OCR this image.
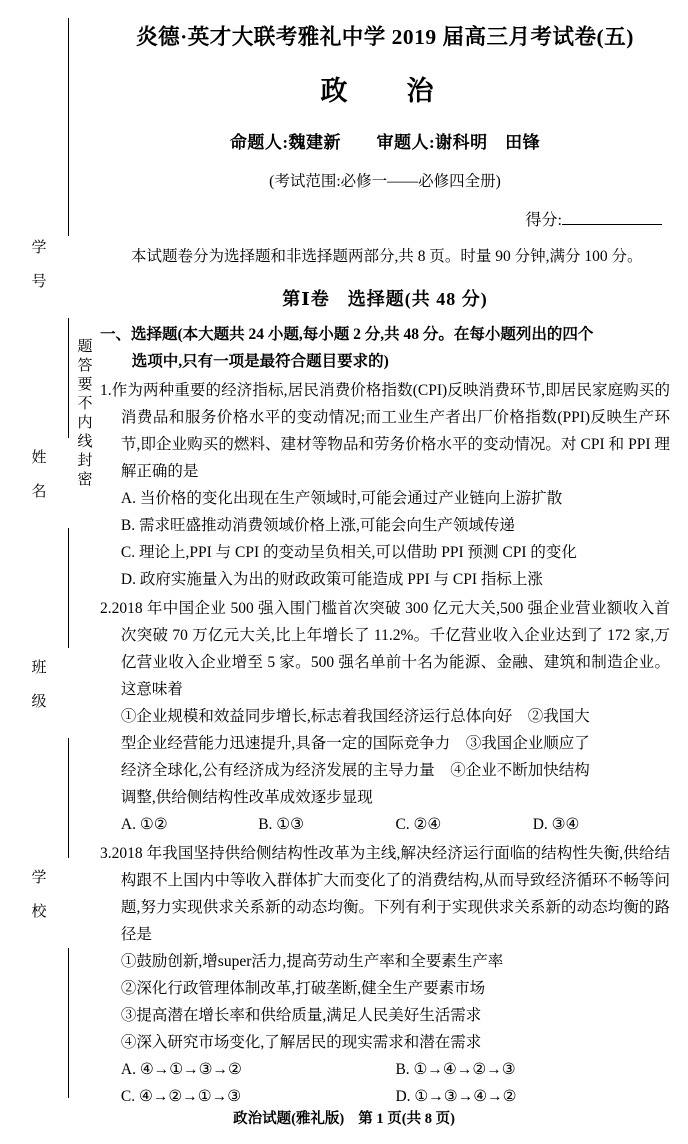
学

号
姓

名
班

级
学

校
题
答
要
不
内
线
封
密
炎德·英才大联考雅礼中学 2019 届高三月考试卷(五)
政　治
命题人:魏建新 审题人:谢科明　田锋
(考试范围:必修一——必修四全册)
得分:
本试题卷分为选择题和非选择题两部分,共 8 页。时量 90 分钟,满分 100 分。
第Ⅰ卷 选择题(共 48 分)
一、选择题(本大题共 24 小题,每小题 2 分,共 48 分。在每小题列出的四个
选项中,只有一项是最符合题目要求的)
1.作为两种重要的经济指标,居民消费价格指数(CPI)反映消费环节,即居民家庭购买的消费品和服务价格水平的变动情况;而工业生产者出厂价格指数(PPI)反映生产环节,即企业购买的燃料、建材等物品和劳务价格水平的变动情况。对 CPI 和 PPI 理解正确的是
A. 当价格的变化出现在生产领域时,可能会通过产业链向上游扩散
B. 需求旺盛推动消费领域价格上涨,可能会向生产领域传递
C. 理论上,PPI 与 CPI 的变动呈负相关,可以借助 PPI 预测 CPI 的变化
D. 政府实施量入为出的财政政策可能造成 PPI 与 CPI 指标上涨
2.2018 年中国企业 500 强入围门槛首次突破 300 亿元大关,500 强企业营业额收入首次突破 70 万亿元大关,比上年增长了 11.2%。千亿营业收入企业达到了 172 家,万亿营业收入企业增至 5 家。500 强名单前十名为能源、金融、建筑和制造企业。这意味着
①企业规模和效益同步增长,标志着我国经济运行总体向好　②我国大
型企业经营能力迅速提升,具备一定的国际竞争力　③我国企业顺应了
经济全球化,公有经济成为经济发展的主导力量　④企业不断加快结构
调整,供给侧结构性改革成效逐步显现
A. ①②	B. ①③	C. ②④	D. ③④
3.2018 年我国坚持供给侧结构性改革为主线,解决经济运行面临的结构性失衡,供给结构跟不上国内中等收入群体扩大而变化了的消费结构,从而导致经济循环不畅等问题,努力实现供求关系新的动态均衡。下列有利于实现供求关系新的动态均衡的路径是
①鼓励创新,增super活力,提高劳动生产率和全要素生产率
②深化行政管理体制改革,打破垄断,健全生产要素市场
③提高潜在增长率和供给质量,满足人民美好生活需求
④深入研究市场变化,了解居民的现实需求和潜在需求
A. ④→①→③→②	B. ①→④→②→③
C. ④→②→①→③	D. ①→③→④→②
政治试题(雅礼版) 第 1 页(共 8 页)
